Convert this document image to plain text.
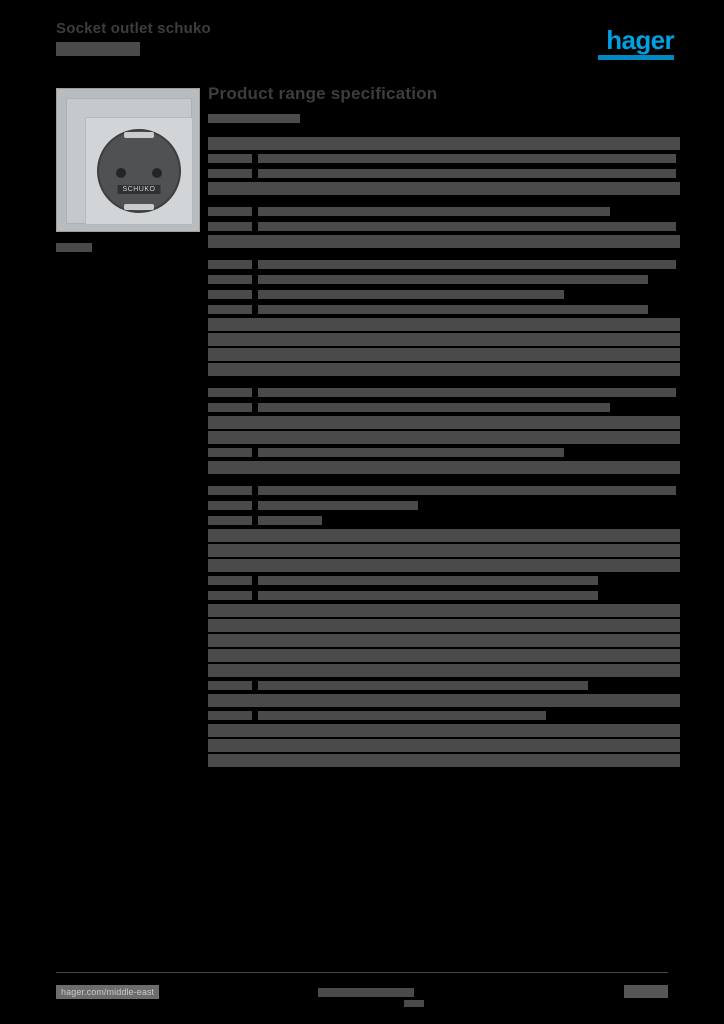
Socket outlet schuko	hager
SCHUKO
Product range specification
hager.com/middle-east
